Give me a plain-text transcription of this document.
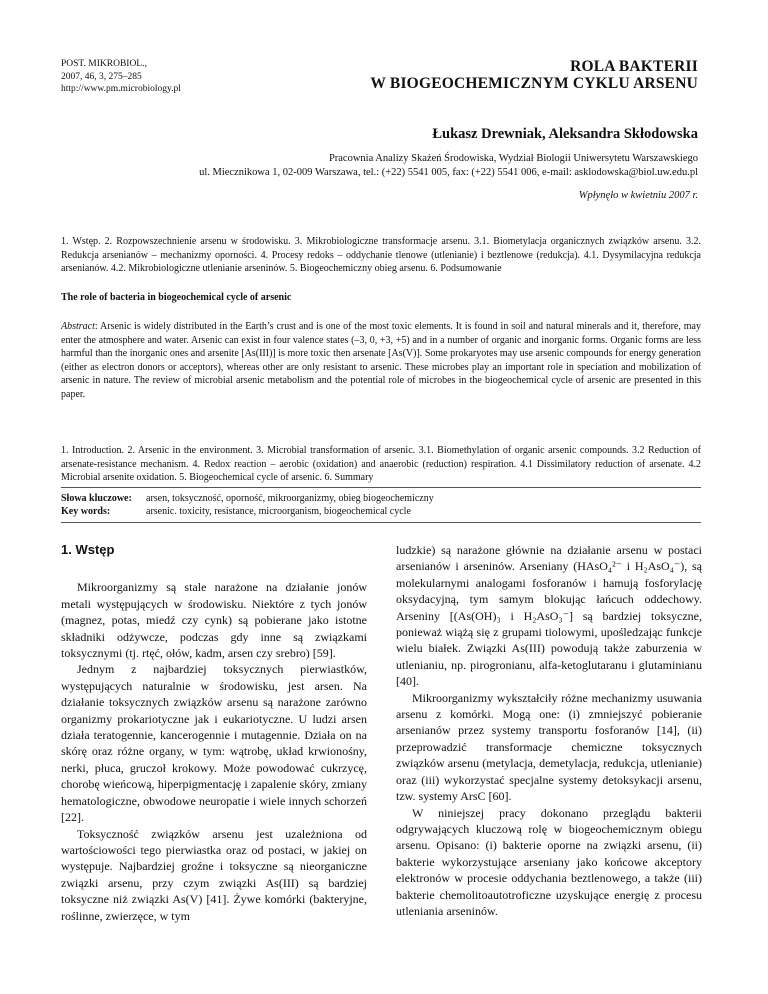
POST. MIKROBIOL.,
2007, 46, 3, 275–285
http://www.pm.microbiology.pl
ROLA BAKTERII
W BIOGEOCHEMICZNYM CYKLU ARSENU
Łukasz Drewniak, Aleksandra Skłodowska
Pracownia Analizy Skażeń Środowiska, Wydział Biologii Uniwersytetu Warszawskiego
ul. Miecznikowa 1, 02-009 Warszawa, tel.: (+22) 5541 005, fax: (+22) 5541 006, e-mail: asklodowska@biol.uw.edu.pl
Wpłynęło w kwietniu 2007 r.
1. Wstęp. 2. Rozpowszechnienie arsenu w środowisku. 3. Mikrobiologiczne transformacje arsenu. 3.1. Biometylacja organicznych związków arsenu. 3.2. Redukcja arsenianów – mechanizmy oporności. 4. Procesy redoks – oddychanie tlenowe (utlenianie) i beztlenowe (redukcja). 4.1. Dysymilacyjna redukcja arsenianów. 4.2. Mikrobiologiczne utlenianie arseninów. 5. Biogeochemiczny obieg arsenu. 6. Podsumowanie
The role of bacteria in biogeochemical cycle of arsenic
Abstract: Arsenic is widely distributed in the Earth’s crust and is one of the most toxic elements. It is found in soil and natural minerals and it, therefore, may enter the atmosphere and water. Arsenic can exist in four valence states (–3, 0, +3, +5) and in a number of organic and inorganic forms. Organic forms are less harmful than the inorganic ones and arsenite [As(III)] is more toxic then arsenate [As(V)]. Some prokaryotes may use arsenic compounds for energy generation (either as electron donors or acceptors), whereas other are only resistant to arsenic. These microbes play an important role in speciation and mobilization of arsenic in nature. The review of microbial arsenic metabolism and the potential role of microbes in the biogeochemical cycle of arsenic are presented in this paper.
1. Introduction. 2. Arsenic in the environment. 3. Microbial transformation of arsenic. 3.1. Biomethylation of organic arsenic compounds. 3.2 Reduction of arsenate-resistance mechanism. 4. Redox reaction – aerobic (oxidation) and anaerobic (reduction) respiration. 4.1 Dissimilatory reduction of arsenate. 4.2 Microbial arsenite oxidation. 5. Biogeochemical cycle of arsenic. 6. Summary
Słowa kluczowe: arsen, toksyczność, oporność, mikroorganizmy, obieg biogeochemiczny
Key words:	arsenic. toxicity, resistance, microorganism, biogeochemical cycle
1. Wstęp

Mikroorganizmy są stale narażone na działanie jonów metali występujących w środowisku. Niektóre z tych jonów (magnez, potas, miedź czy cynk) są pobierane jako istotne składniki odżywcze, podczas gdy inne są związkami toksycznymi (tj. rtęć, ołów, kadm, arsen czy srebro) [59].

Jednym z najbardziej toksycznych pierwiastków, występujących naturalnie w środowisku, jest arsen. Na działanie toksycznych związków arsenu są narażone zarówno organizmy prokariotyczne jak i eukariotyczne. U ludzi arsen działa teratogennie, kancerogennie i mutagennie. Działa on na skórę oraz różne organy, w tym: wątrobę, układ krwionośny, nerki, płuca, gruczoł krokowy. Może powodować cukrzycę, chorobę wieńcową, hiperpigmentację i zapalenie skóry, zmiany hematologiczne, obwodowe neuropatie i wiele innych schorzeń [22].

Toksyczność związków arsenu jest uzależniona od wartościowości tego pierwiastka oraz od postaci, w jakiej on występuje. Najbardziej groźne i toksyczne są nieorganiczne związki arsenu, przy czym związki As(III) są bardziej toksyczne niż związki As(V) [41]. Żywe komórki (bakteryjne, roślinne, zwierzęce, w tym

ludzkie) są narażone głównie na działanie arsenu w postaci arsenianów i arseninów. Arseniany (HAsO₄²⁻ i H₂AsO₄⁻), są molekularnymi analogami fosforanów i hamują fosforylację oksydacyjną, tym samym blokując łańcuch oddechowy. Arseniny [(As(OH)₃ i H₂AsO₃⁻] są bardziej toksyczne, ponieważ wiążą się z grupami tiolowymi, upośledzając funkcje wielu białek. Związki As(III) powodują także zaburzenia w utlenianiu, np. pirogronianu, alfa-ketoglutaranu i glutaminianu [40].

Mikroorganizmy wykształciły różne mechanizmy usuwania arsenu z komórki. Mogą one: (i) zmniejszyć pobieranie arsenianów przez systemy transportu fosforanów [14], (ii) przeprowadzić transformacje chemiczne toksycznych związków arsenu (metylacja, demetylacja, redukcja, utlenianie) oraz (iii) wykorzystać specjalne systemy detoksykacji arsenu, tzw. systemy ArsC [60].

W niniejszej pracy dokonano przeglądu bakterii odgrywających kluczową rolę w biogeochemicznym obiegu arsenu. Opisano: (i) bakterie oporne na związki arsenu, (ii) bakterie wykorzystujące arseniany jako końcowe akceptory elektronów w procesie oddychania beztlenowego, a także (iii) bakterie chemolitoautotroficzne uzyskujące energię z procesu utleniania arseninów.
